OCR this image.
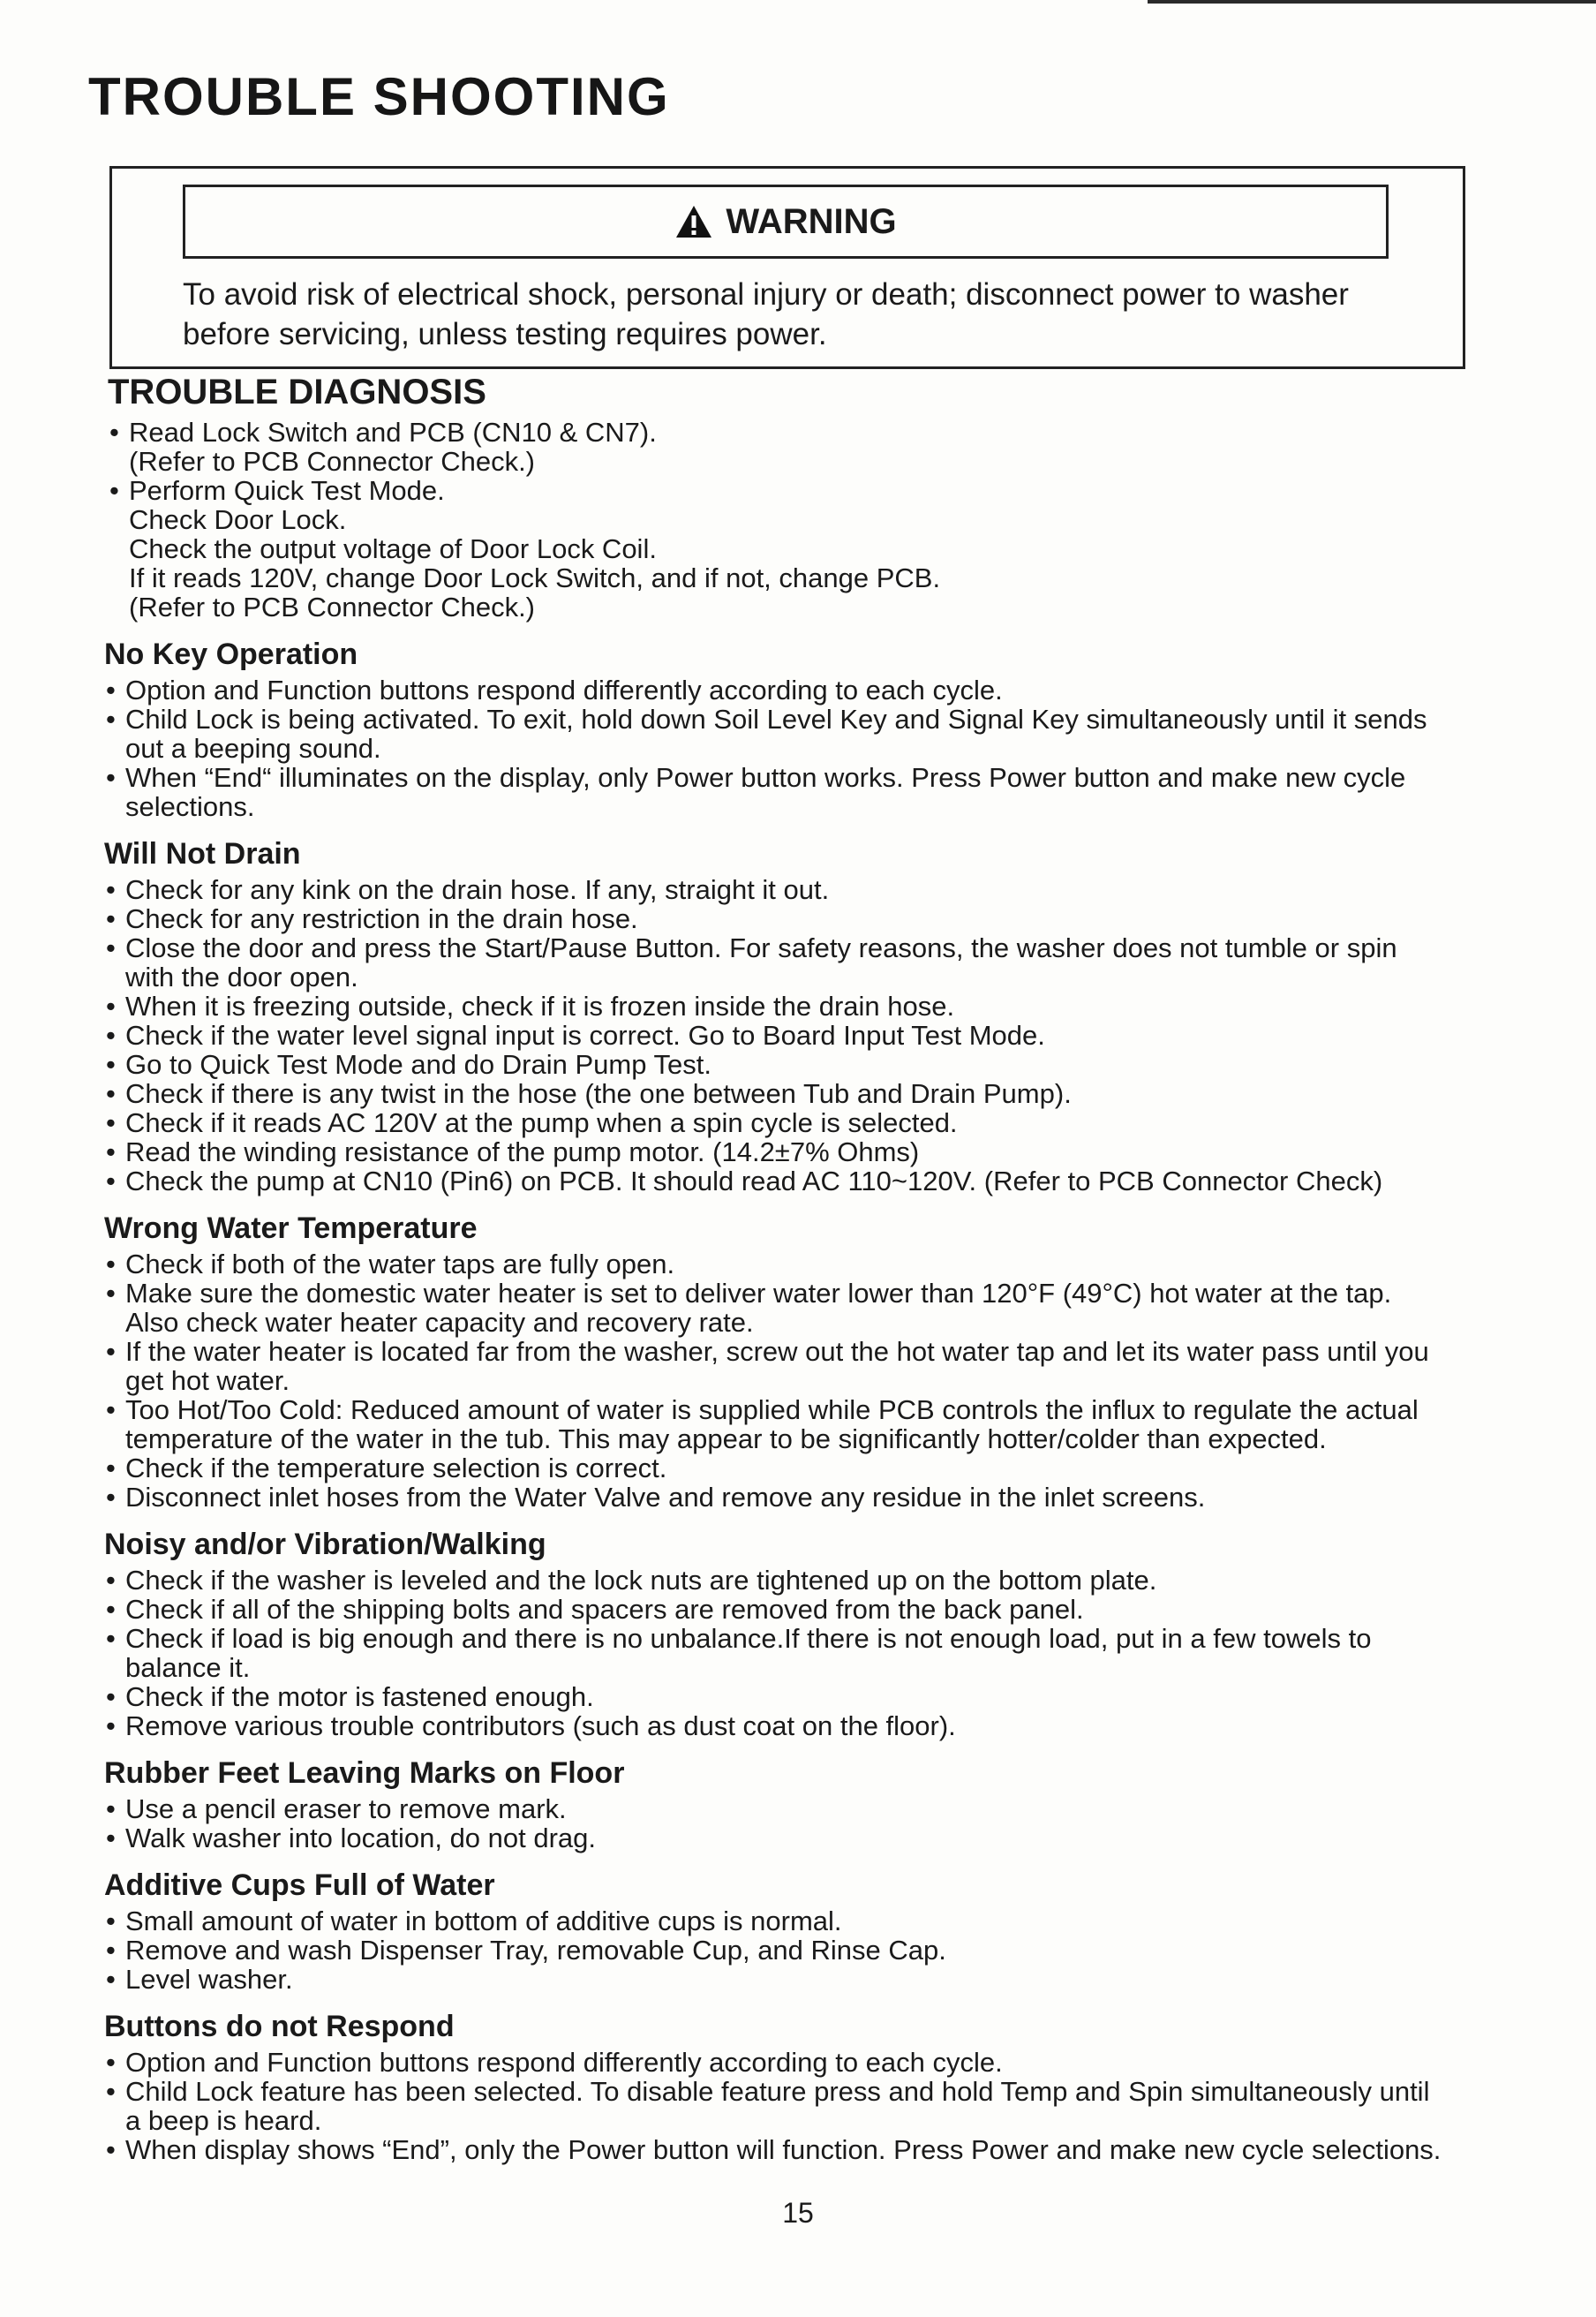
TROUBLE SHOOTING
WARNING
To avoid risk of electrical shock, personal injury or death; disconnect power to washer before servicing, unless testing requires power.
TROUBLE DIAGNOSIS
• Read Lock Switch and PCB (CN10 & CN7).
(Refer to PCB Connector Check.)
• Perform Quick Test Mode.
Check Door Lock.
Check the output voltage of Door Lock Coil.
If it reads 120V, change Door Lock Switch, and if not, change PCB.
(Refer to PCB Connector Check.)
No Key Operation
• Option and Function buttons respond differently according to each cycle.
• Child Lock is being activated. To exit, hold down Soil Level Key and Signal Key simultaneously until it sends out a beeping sound.
• When “End“ illuminates on the display, only Power button works. Press Power button and make new cycle selections.
Will Not Drain
• Check for any kink on the drain hose. If any, straight it out.
• Check for any restriction in the drain hose.
• Close the door and press the Start/Pause Button. For safety reasons, the washer does not tumble or spin with the door open.
• When it is freezing outside, check if it is frozen inside the drain hose.
• Check if the water level signal input is correct. Go to Board Input Test Mode.
• Go to Quick Test Mode and do Drain Pump Test.
• Check if there is any twist in the hose (the one between Tub and Drain Pump).
• Check if it reads AC 120V at the pump when a spin cycle is selected.
• Read the winding resistance of the pump motor. (14.2±7% Ohms)
• Check the pump at CN10 (Pin6) on PCB. It should read AC 110~120V. (Refer to PCB Connector Check)
Wrong Water Temperature
• Check if both of the water taps are fully open.
• Make sure the domestic water heater is set to deliver water lower than 120°F (49°C) hot water at the tap. Also check water heater capacity and recovery rate.
• If the water heater is located far from the washer, screw out the hot water tap and let its water pass until you get hot water.
• Too Hot/Too Cold: Reduced amount of water is supplied while PCB controls the influx to regulate the actual temperature of the water in the tub. This may appear to be significantly hotter/colder than expected.
• Check if the temperature selection is correct.
• Disconnect inlet hoses from the Water Valve and remove any residue in the inlet screens.
Noisy and/or Vibration/Walking
• Check if the washer is leveled and the lock nuts are tightened up on the bottom plate.
• Check if all of the shipping bolts and spacers are removed from the back panel.
• Check if load is big enough and there is no unbalance.If there is not enough load, put in a few towels to balance it.
• Check if the motor is fastened enough.
• Remove various trouble contributors (such as dust coat on the floor).
Rubber Feet Leaving Marks on Floor
• Use a pencil eraser to remove mark.
• Walk washer into location, do not drag.
Additive Cups Full of Water
• Small amount of water in bottom of additive cups is normal.
• Remove and wash Dispenser Tray, removable Cup, and Rinse Cap.
• Level washer.
Buttons do not Respond
• Option and Function buttons respond differently according to each cycle.
• Child Lock feature has been selected. To disable feature press and hold Temp and Spin simultaneously until a beep is heard.
• When display shows “End”, only the Power button will function. Press Power and make new cycle selections.
15
